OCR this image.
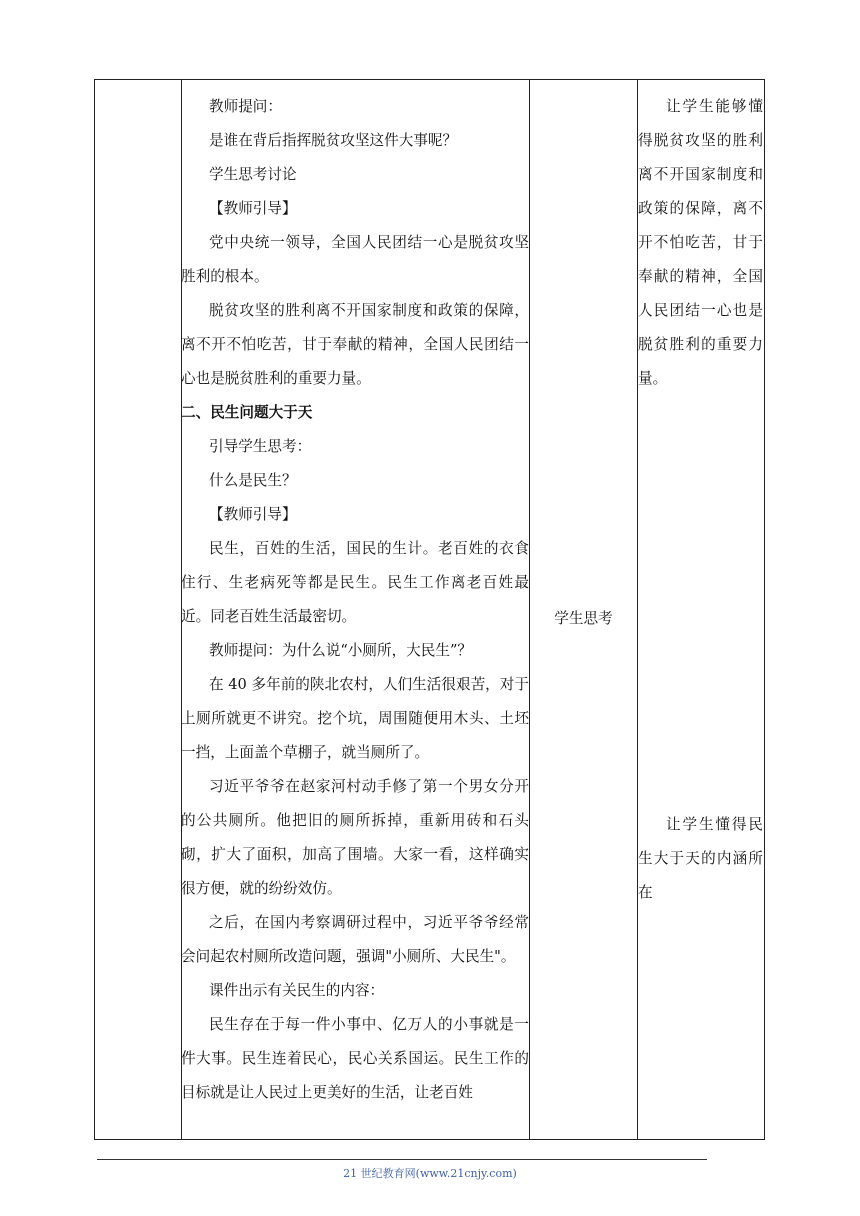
教师提问：

是谁在背后指挥脱贫攻坚这件大事呢？

学生思考讨论

【教师引导】

党中央统一领导，全国人民团结一心是脱贫攻坚胜利的根本。

脱贫攻坚的胜利离不开国家制度和政策的保障，离不开不怕吃苦，甘于奉献的精神，全国人民团结一心也是脱贫胜利的重要力量。

二、民生问题大于天

引导学生思考：

什么是民生？

【教师引导】

民生，百姓的生活，国民的生计。老百姓的衣食住行、生老病死等都是民生。民生工作离老百姓最近。同老百姓生活最密切。

教师提问：为什么说“小厕所，大民生”？

在 40 多年前的陕北农村，人们生活很艰苦，对于上厕所就更不讲究。挖个坑，周围随便用木头、土坯一挡，上面盖个草棚子，就当厕所了。

习近平爷爷在赵家河村动手修了第一个男女分开的公共厕所。他把旧的厕所拆掉，重新用砖和石头砌，扩大了面积，加高了围墙。大家一看，这样确实很方便，就的纷纷效仿。

之后，在国内考察调研过程中，习近平爷爷经常会问起农村厕所改造问题，强调"小厕所、大民生"。

课件出示有关民生的内容：

民生存在于每一件小事中、亿万人的小事就是一件大事。民生连着民心，民心关系国运。民生工作的目标就是让人民过上更美好的生活，让老百姓

学生思考

让学生能够懂得脱贫攻坚的胜利离不开国家制度和政策的保障，离不开不怕吃苦，甘于奉献的精神，全国人民团结一心也是脱贫胜利的重要力量。

让学生懂得民生大于天的内涵所在

21 世纪教育网(www.21cnjy.com)
